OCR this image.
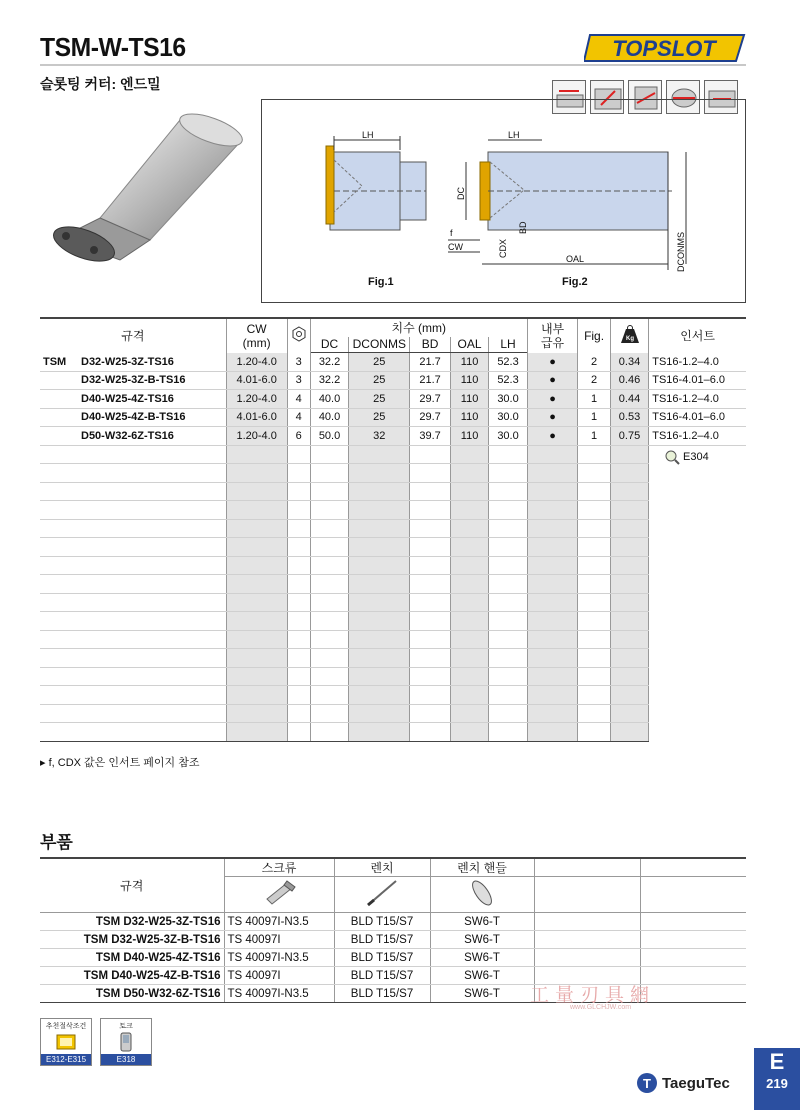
TSM-W-TS16
슬롯팅 커터: 엔드밀
TOPSLOT
LH	LH
DC
f
CW	CDX
BD
OAL	DCONMS
Fig.1	Fig.2
규격	CW
(mm)		치수 (mm)					내부
급유	Fig.	Kg	인서트
			DC	DCONMS	BD	OAL	LH				
TSM D32-W25-3Z-TS16	1.20-4.0	3	32.2	25	21.7	110	52.3	●	2	0.34	TS16-1.2–4.0
D32-W25-3Z-B-TS16	4.01-6.0	3	32.2	25	21.7	110	52.3	●	2	0.46	TS16-4.01–6.0
D40-W25-4Z-TS16	1.20-4.0	4	40.0	25	29.7	110	30.0	●	1	0.44	TS16-1.2–4.0
D40-W25-4Z-B-TS16	4.01-6.0	4	40.0	25	29.7	110	30.0	●	1	0.53	TS16-4.01–6.0
D50-W32-6Z-TS16	1.20-4.0	6	50.0	32	39.7	110	30.0	●	1	0.75	TS16-1.2–4.0

E304
▸ f, CDX 값은 인서트 페이지 참조
부품
규격	스크류	렌치	렌치 핸들		

TSM D32-W25-3Z-TS16	TS 40097I-N3.5	BLD T15/S7	SW6-T		
TSM D32-W25-3Z-B-TS16	TS 40097I	BLD T15/S7	SW6-T		
TSM D40-W25-4Z-TS16	TS 40097I-N3.5	BLD T15/S7	SW6-T		
TSM D40-W25-4Z-B-TS16	TS 40097I	BLD T15/S7	SW6-T		
TSM D50-W32-6Z-TS16	TS 40097I-N3.5	BLD T15/S7	SW6-T		工量刃具網
www.GLCHJW.com
추천절삭조건
E312-E315
토크
E318
T TaeguTec
E
219
